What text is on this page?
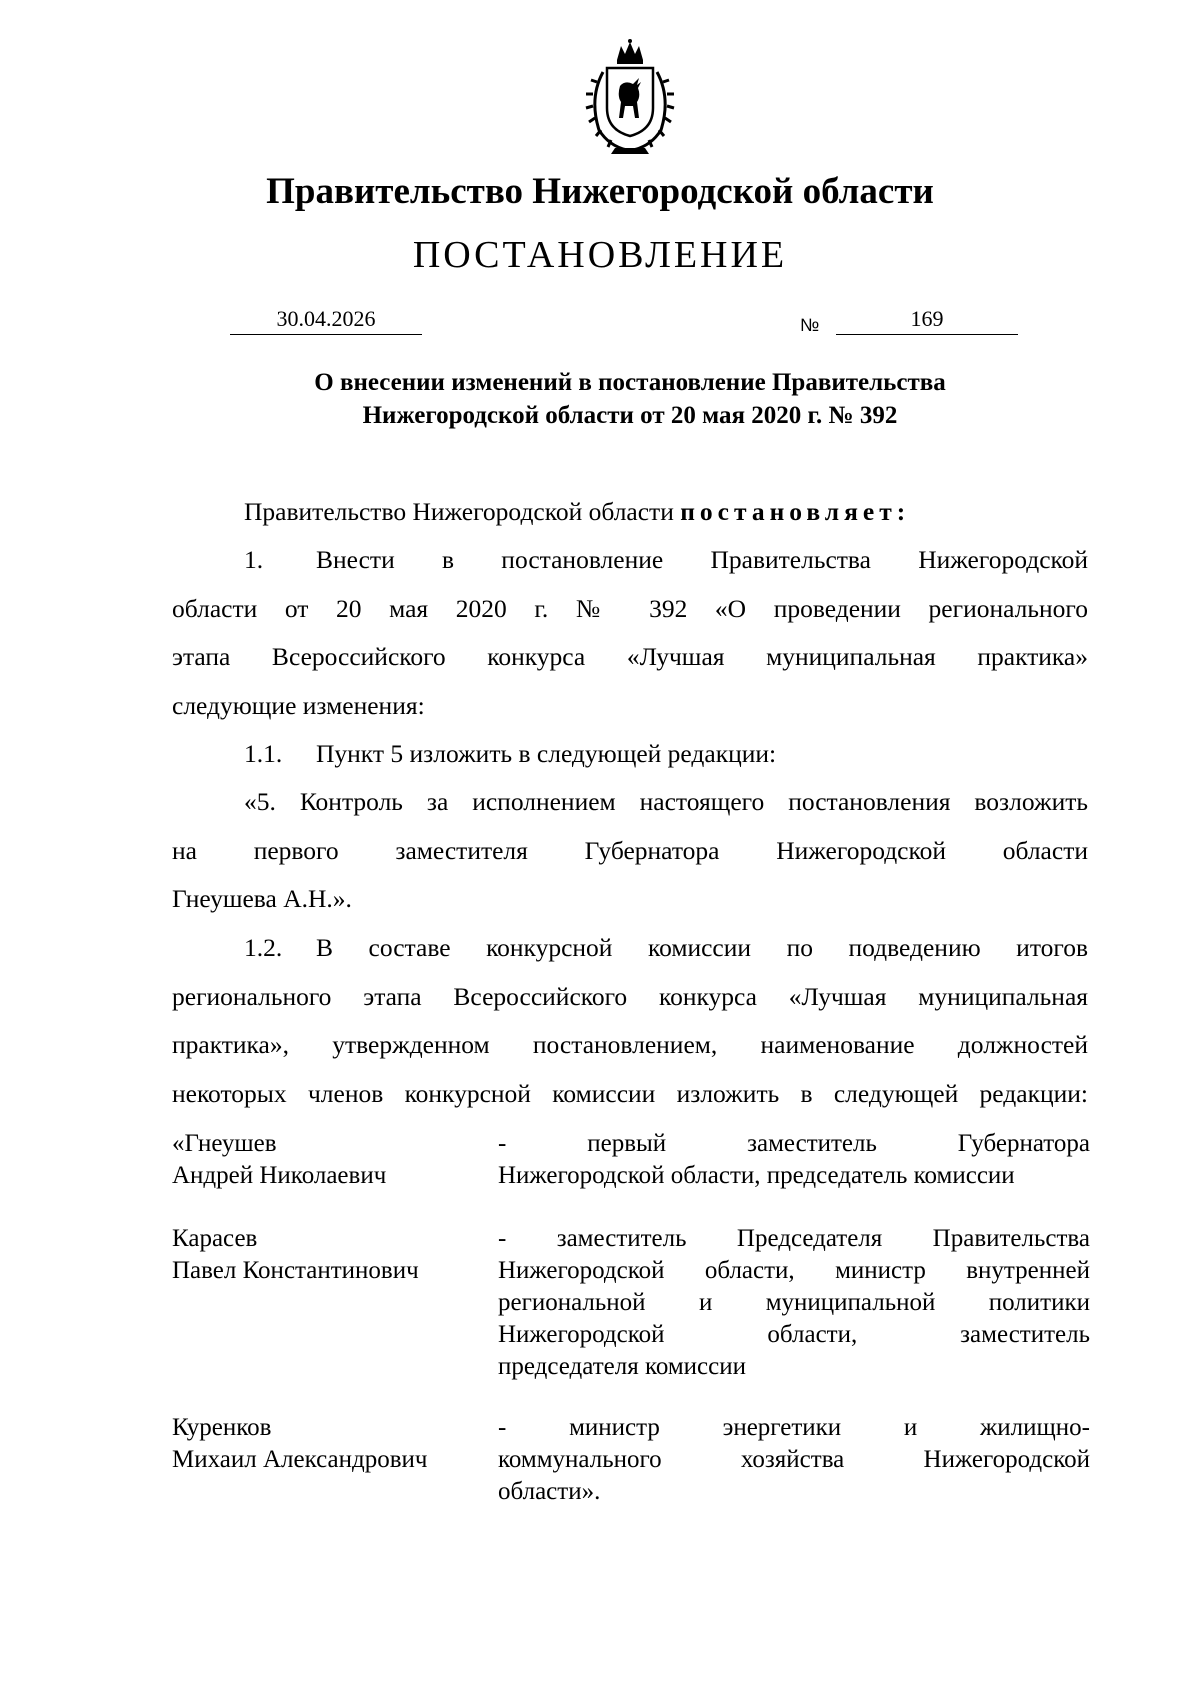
Правительство Нижегородской области
ПОСТАНОВЛЕНИЕ
30.04.2026	№	169
О внесении изменений в постановление Правительства
Нижегородской области от 20 мая 2020 г. № 392
Правительство Нижегородской области постановляет:
1. Внести в постановление Правительства Нижегородской
области от 20 мая 2020 г. № 392 «О проведении регионального
этапа Всероссийского конкурса «Лучшая муниципальная практика»
следующие изменения:
1.1. Пункт 5 изложить в следующей редакции:
«5. Контроль за исполнением настоящего постановления возложить
на первого заместителя Губернатора Нижегородской области
Гнеушева А.Н.».
1.2. В составе конкурсной комиссии по подведению итогов
регионального этапа Всероссийского конкурса «Лучшая муниципальная
практика», утвержденном постановлением, наименование должностей
некоторых членов конкурсной комиссии изложить в следующей редакции:
«Гнеушев
Андрей Николаевич
- первый заместитель Губернатора
Нижегородской области, председатель комиссии
Карасев
Павел Константинович
- заместитель Председателя Правительства
Нижегородской области, министр внутренней
региональной и муниципальной политики
Нижегородской области, заместитель
председателя комиссии
Куренков
Михаил Александрович
- министр энергетики и жилищно-
коммунального хозяйства Нижегородской
области».
